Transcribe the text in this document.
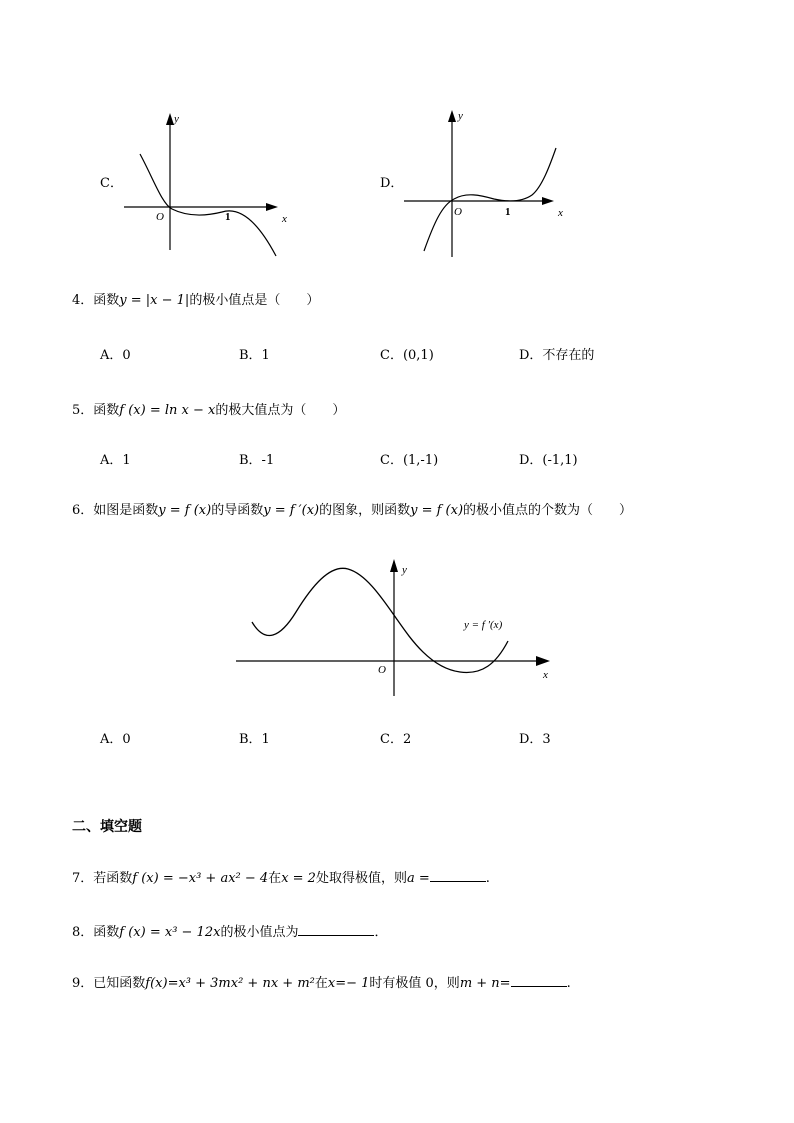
C．
y
x
O	1
D．
y
x
O	1
4．函数y = |x − 1|的极小值点是（　　）
A．0	B．1	C．(0,1)	D．不存在的
5．函数f (x) = ln x − x的极大值点为（　　）
A．1	B．-1	C．(1,-1)	D．(-1,1)
6．如图是函数y = f (x)的导函数y = f ′(x)的图象，则函数y = f (x)的极小值点的个数为（　　）
y
x
O
y = f ′(x)
A．0	B．1	C．2	D．3
二、填空题
7．若函数f (x) = −x³ + ax² − 4在x = 2处取得极值，则a =	.
8．函数f (x) = x³ − 12x的极小值点为	．
9．已知函数f(x)=x³ + 3mx² + nx + m²在x=− 1时有极值 0，则m + n=	.
